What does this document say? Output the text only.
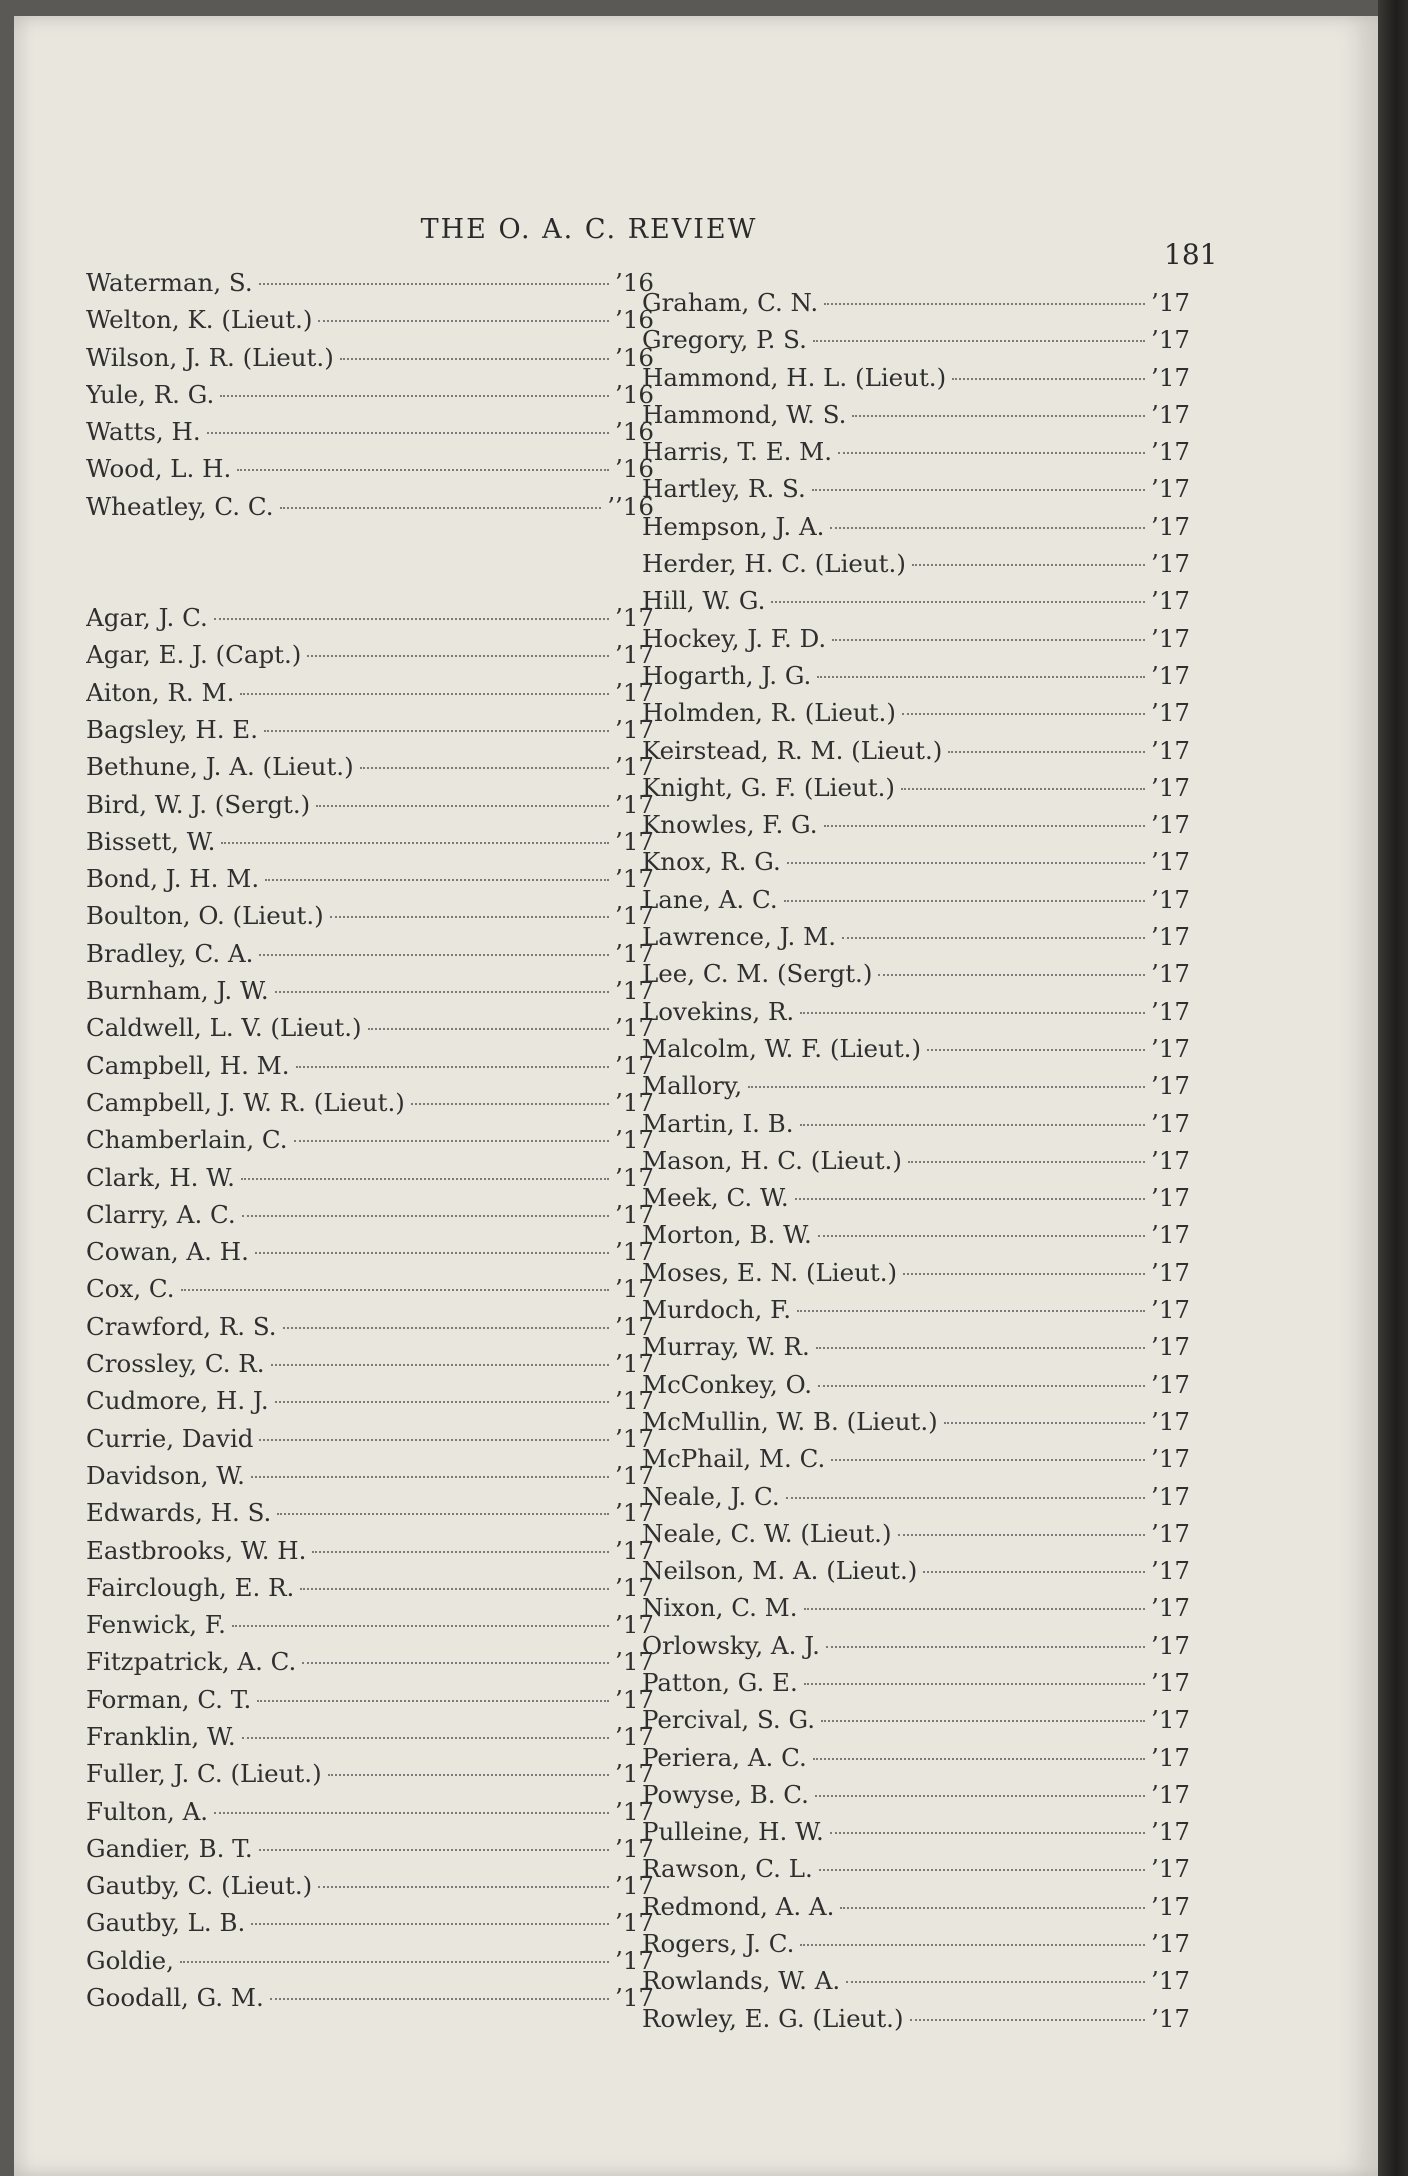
THE O. A. C. REVIEW
181
Waterman, S.	’16
Welton, K. (Lieut.)	’16
Wilson, J. R. (Lieut.)	’16
Yule, R. G.	’16
Watts, H.	’16
Wood, L. H.	’16
Wheatley, C. C.	’’16
Agar, J. C.	’17
Agar, E. J. (Capt.)	’17
Aiton, R. M.	’17
Bagsley, H. E.	’17
Bethune, J. A. (Lieut.)	’17
Bird, W. J. (Sergt.)	’17
Bissett, W.	’17
Bond, J. H. M.	’17
Boulton, O. (Lieut.)	’17
Bradley, C. A.	’17
Burnham, J. W.	’17
Caldwell, L. V. (Lieut.)	’17
Campbell, H. M.	’17
Campbell, J. W. R. (Lieut.)	’17
Chamberlain, C.	’17
Clark, H. W.	’17
Clarry, A. C.	’17
Cowan, A. H.	’17
Cox, C.	’17
Crawford, R. S.	’17
Crossley, C. R.	’17
Cudmore, H. J.	’17
Currie, David	’17
Davidson, W.	’17
Edwards, H. S.	’17
Eastbrooks, W. H.	’17
Fairclough, E. R.	’17
Fenwick, F.	’17
Fitzpatrick, A. C.	’17
Forman, C. T.	’17
Franklin, W.	’17
Fuller, J. C. (Lieut.)	’17
Fulton, A.	’17
Gandier, B. T.	’17
Gautby, C. (Lieut.)	’17
Gautby, L. B.	’17
Goldie,	’17
Goodall, G. M.	’17
Graham, C. N.	’17
Gregory, P. S.	’17
Hammond, H. L. (Lieut.)	’17
Hammond, W. S.	’17
Harris, T. E. M.	’17
Hartley, R. S.	’17
Hempson, J. A.	’17
Herder, H. C. (Lieut.)	’17
Hill, W. G.	’17
Hockey, J. F. D.	’17
Hogarth, J. G.	’17
Holmden, R. (Lieut.)	’17
Keirstead, R. M. (Lieut.)	’17
Knight, G. F. (Lieut.)	’17
Knowles, F. G.	’17
Knox, R. G.	’17
Lane, A. C.	’17
Lawrence, J. M.	’17
Lee, C. M. (Sergt.)	’17
Lovekins, R.	’17
Malcolm, W. F. (Lieut.)	’17
Mallory,	’17
Martin, I. B.	’17
Mason, H. C. (Lieut.)	’17
Meek, C. W.	’17
Morton, B. W.	’17
Moses, E. N. (Lieut.)	’17
Murdoch, F.	’17
Murray, W. R.	’17
McConkey, O.	’17
McMullin, W. B. (Lieut.)	’17
McPhail, M. C.	’17
Neale, J. C.	’17
Neale, C. W. (Lieut.)	’17
Neilson, M. A. (Lieut.)	’17
Nixon, C. M.	’17
Orlowsky, A. J.	’17
Patton, G. E.	’17
Percival, S. G.	’17
Periera, A. C.	’17
Powyse, B. C.	’17
Pulleine, H. W.	’17
Rawson, C. L.	’17
Redmond, A. A.	’17
Rogers, J. C.	’17
Rowlands, W. A.	’17
Rowley, E. G. (Lieut.)	’17
